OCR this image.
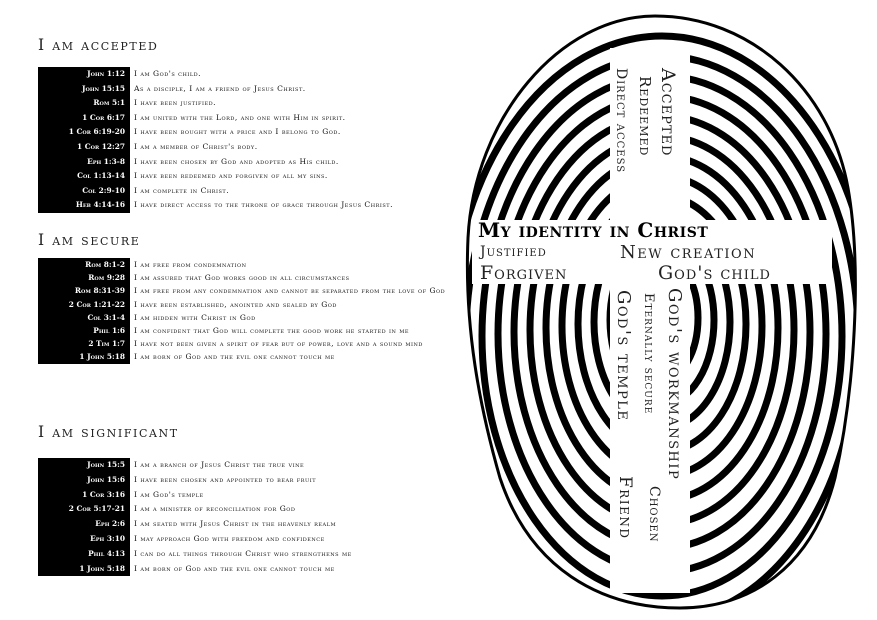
I am accepted
John 1:12	I am God's child.
John 15:15	As a disciple, I am a friend of Jesus Christ.
Rom 5:1	I have been justified.
1 Cor 6:17	I am united with the Lord, and one with Him in spirit.
1 Cor 6:19-20	I have been bought with a price and I belong to God.
1 Cor 12:27	I am a member of Christ's body.
Eph 1:3-8	I have been chosen by God and adopted as His child.
Col 1:13-14	I have been redeemed and forgiven of all my sins.
Col 2:9-10	I am complete in Christ.
Heb 4:14-16	I have direct access to the throne of grace through Jesus Christ.
I am secure
Rom 8:1-2	I am free from condemnation
Rom 9:28	I am assured that God works good in all circumstances
Rom 8:31-39	I am free from any condemnation and cannot be separated from the love of God
2 Cor 1:21-22	I have been established, anointed and sealed by God
Col 3:1-4	I am hidden with Christ in God
Phil 1:6	I am confident that God will complete the good work he started in me
2 Tim 1:7	I have not been given a spirit of fear but of power, love and a sound mind
1 John 5:18	I am born of God and the evil one cannot touch me
I am significant
John 15:5	I am a branch of Jesus Christ the true vine
John 15:6	I have been chosen and appointed to bear fruit
1 Cor 3:16	I am God's temple
2 Cor 5:17-21	I am a minister of reconciliation for God
Eph 2:6	I am seated with Jesus Christ in the heavenly realm
Eph 3:10	I may approach God with freedom and confidence
Phil 4:13	I can do all things through Christ who strengthens me
1 John 5:18	I am born of God and the evil one cannot touch me
Accepted
Redeemed
Direct access
My identity in Christ
Justified
Forgiven
New creation
God's child
God's workmanship
Chosen
Eternally secure
God's temple
Friend
